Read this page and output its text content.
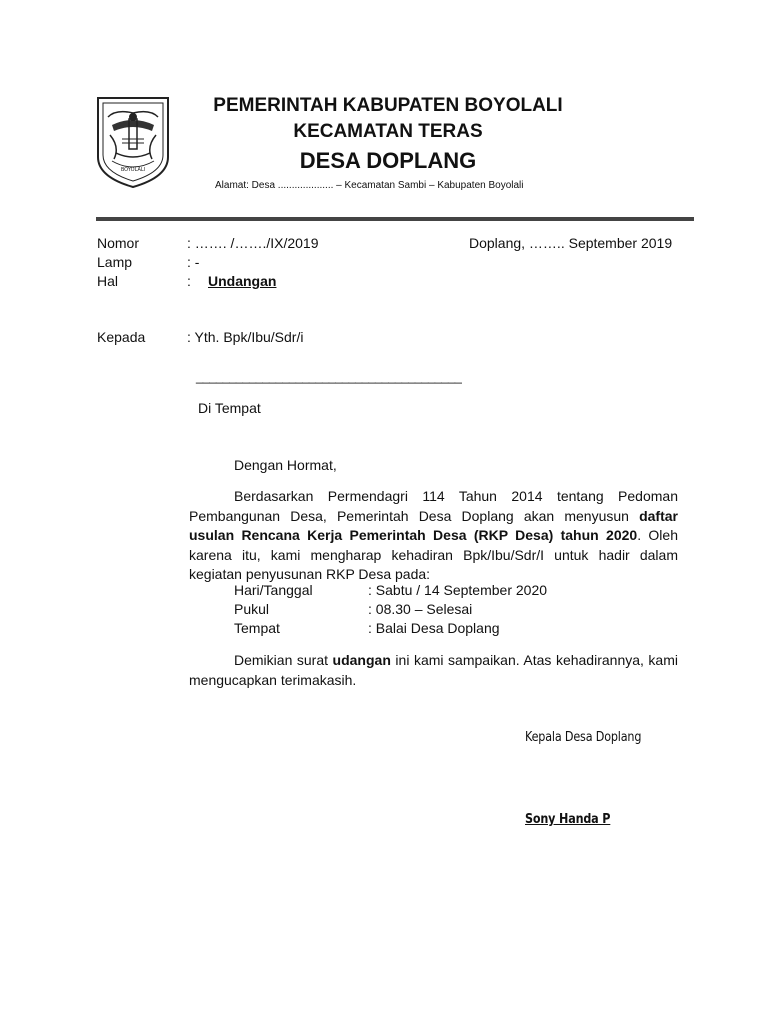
BOYOLALI
PEMERINTAH KABUPATEN BOYOLALI
KECAMATAN TERAS
DESA DOPLANG
Alamat: Desa .................... – Kecamatan Sambi – Kabupaten Boyolali
Nomor	: ……. /……./IX/2019	Doplang, …….. September 2019
Lamp	: -
Hal	: Undangan
Kepada	: Yth. Bpk/Ibu/Sdr/i
________________________________________
Di Tempat
Dengan Hormat,
Berdasarkan Permendagri 114 Tahun 2014 tentang Pedoman Pembangunan Desa, Pemerintah Desa Doplang akan menyusun daftar usulan Rencana Kerja Pemerintah Desa (RKP Desa) tahun 2020. Oleh karena itu, kami mengharap kehadiran Bpk/Ibu/Sdr/I untuk hadir dalam kegiatan penyusunan RKP Desa pada:
Hari/Tanggal	: Sabtu / 14 September 2020
Pukul	: 08.30 – Selesai
Tempat	: Balai Desa Doplang
Demikian surat udangan ini kami sampaikan. Atas kehadirannya, kami mengucapkan terimakasih.
Kepala Desa Doplang
Sony Handa P
